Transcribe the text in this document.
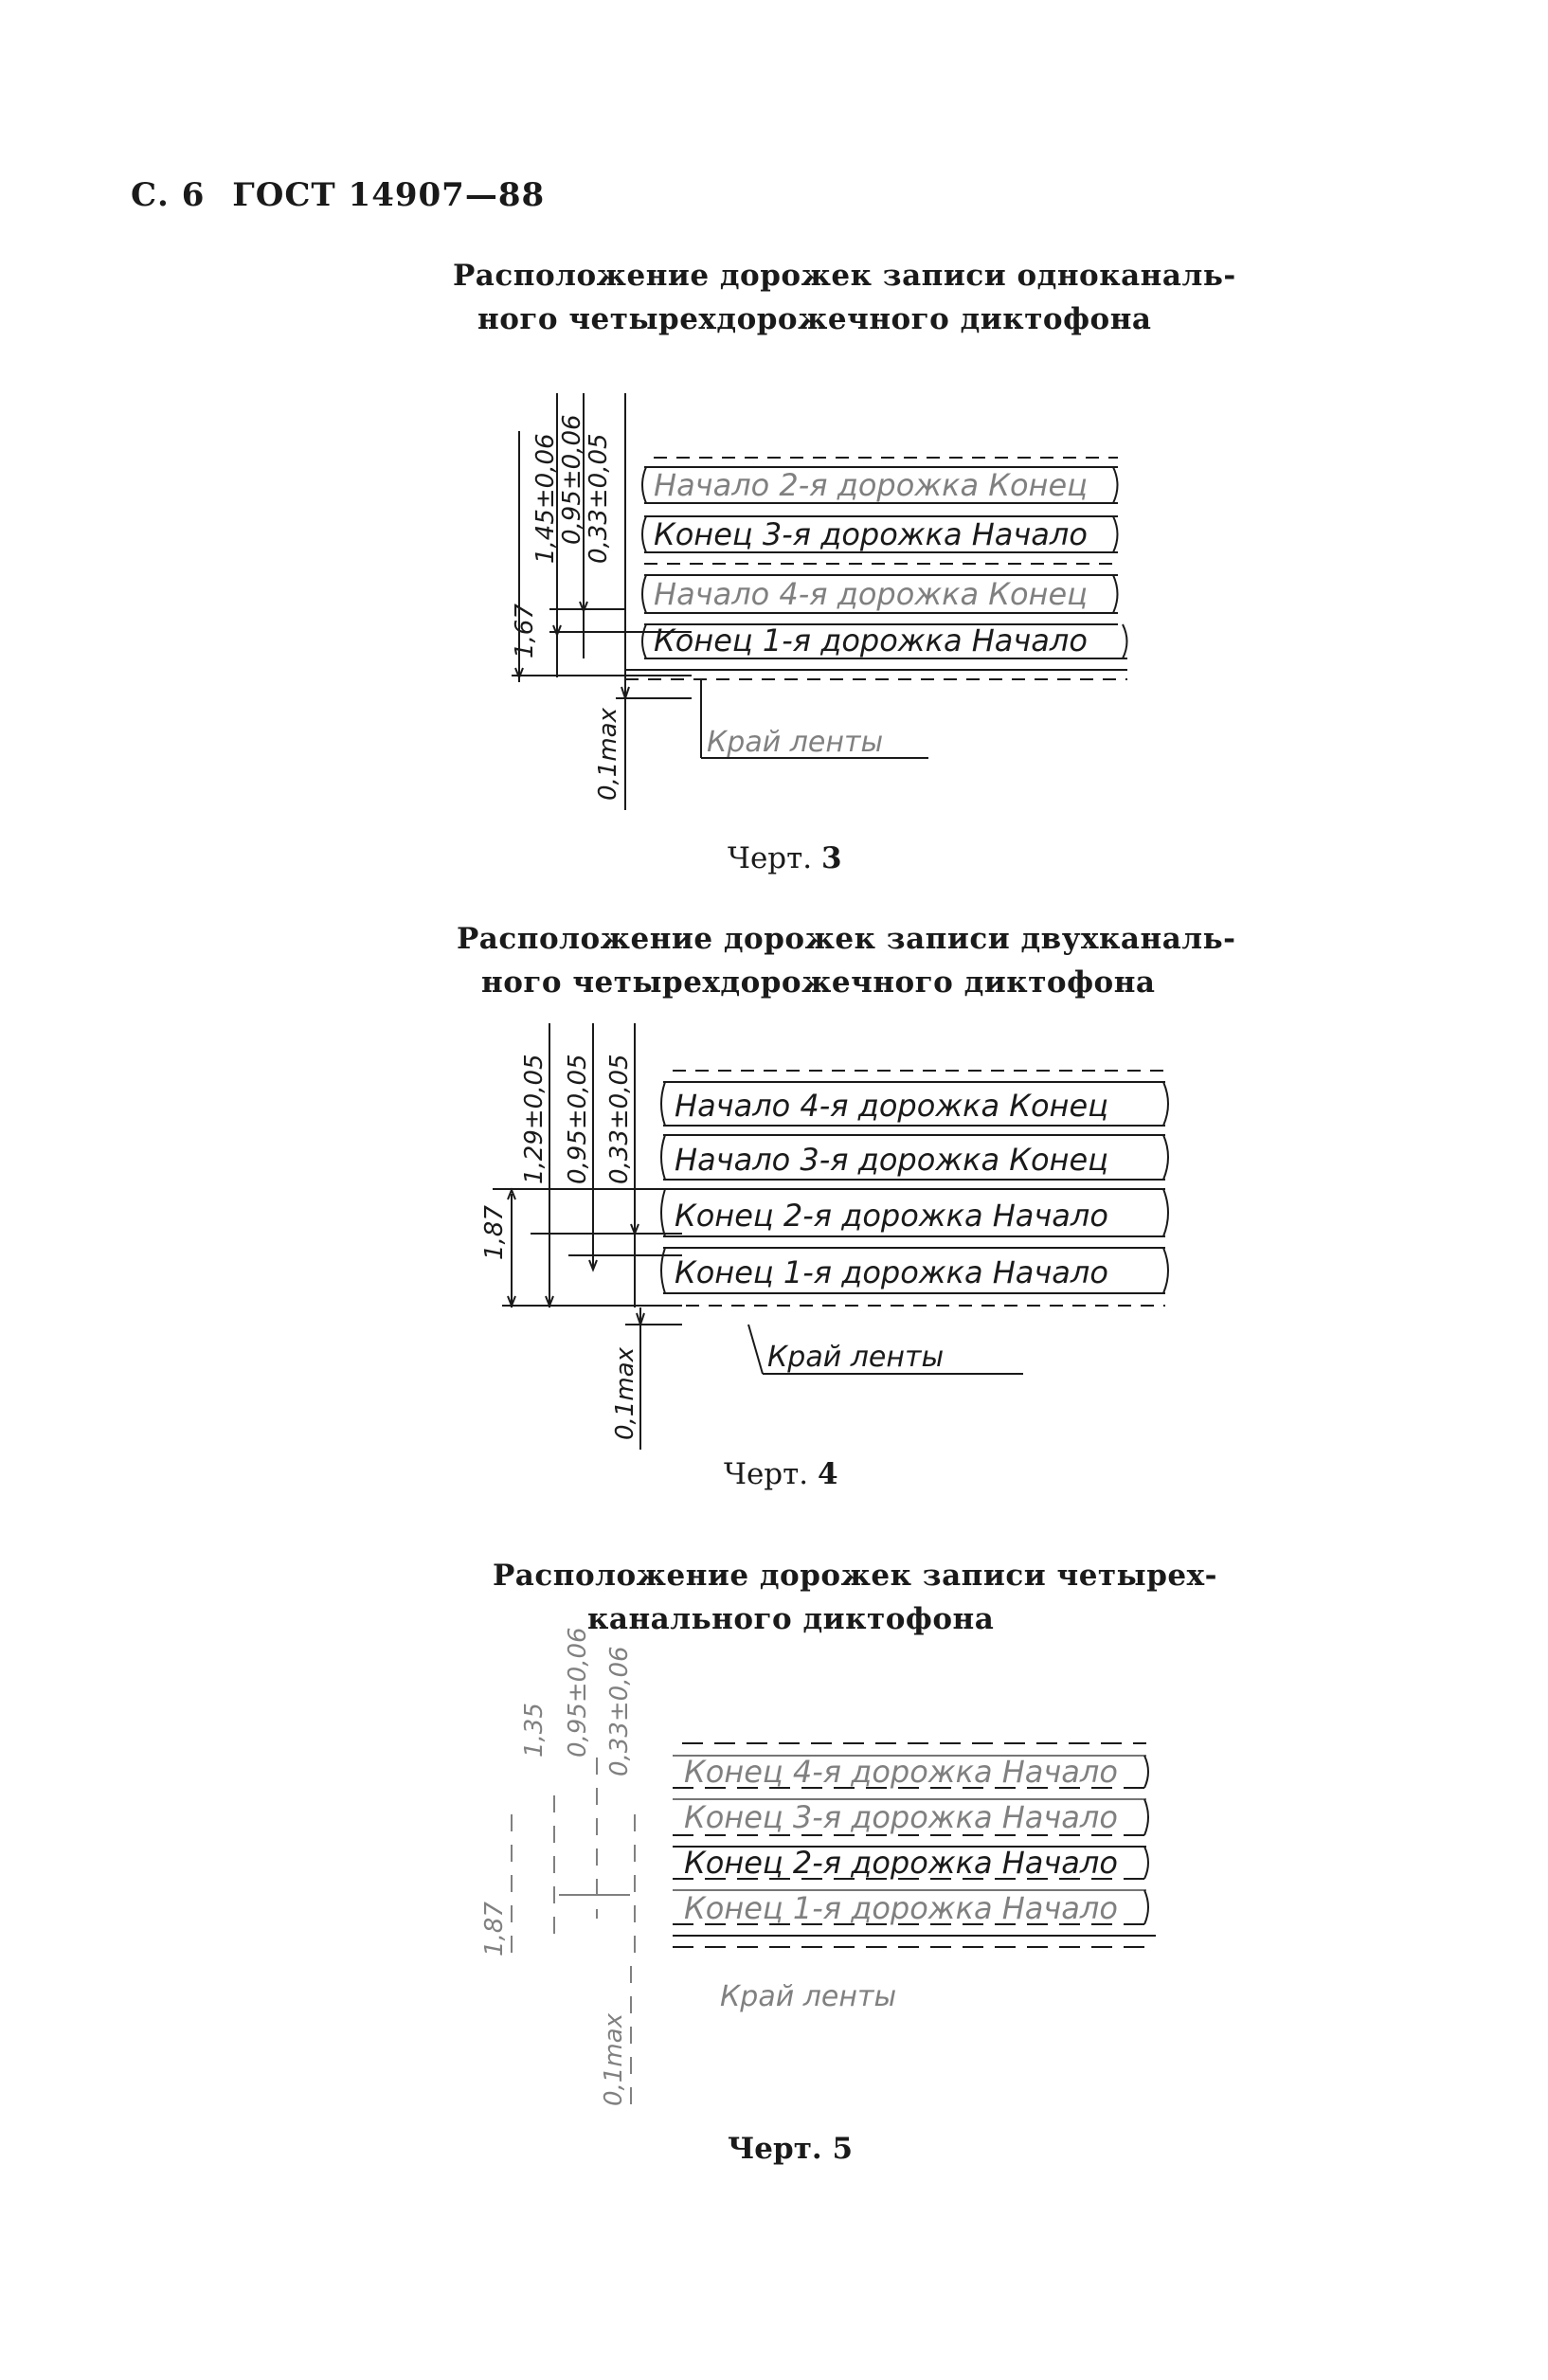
С. 6 ГОСТ 14907—88
Расположение дорожек записи одноканаль-
ного четырехдорожечного диктофона
1,67
1,45±0,06
0,95±0,06
0,33±0,05
0,1max
Начало 2-я дорожка Конец
Конец 3-я дорожка Начало
Начало 4-я дорожка Конец
Конец 1-я дорожка Начало
Край ленты
Черт. 3
Расположение дорожек записи двухканаль-
ного четырехдорожечного диктофона
1,87
1,29±0,05 0,95±0,05 0,33±0,05
0,1max
Начало 4-я дорожка Конец
Начало 3-я дорожка Конец
Конец 2-я дорожка Начало
Конец 1-я дорожка Начало
Край ленты
Черт. 4
Расположение дорожек записи четырех-
канального диктофона
1,87
1,35 0,95±0,06 0,33±0,06
0,1max
Конец 4-я дорожка Начало
Конец 3-я дорожка Начало
Конец 2-я дорожка Начало
Конец 1-я дорожка Начало
Край ленты
Черт. 5
